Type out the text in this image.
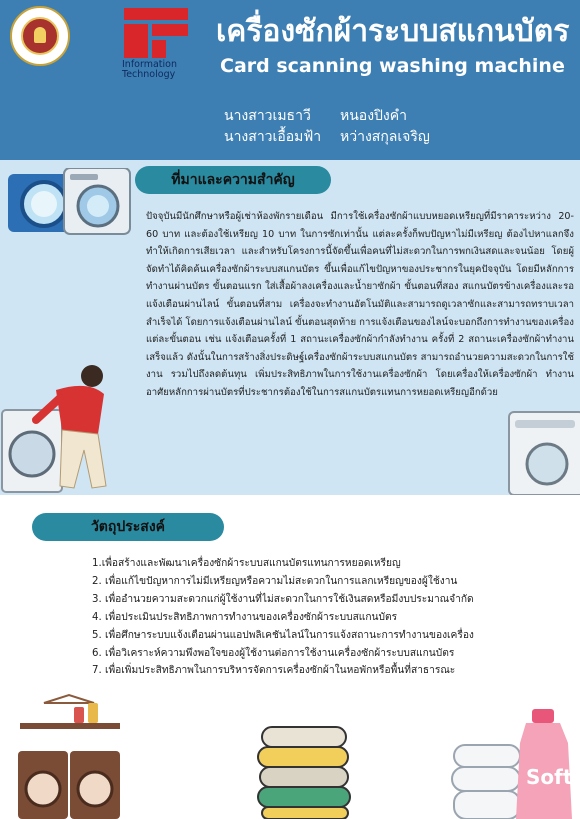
Information
Technology
เครื่องซักผ้าระบบสแกนบัตร
Card scanning washing machine
นางสาวเมธาวี หนองปิงคำ
นางสาวเอื้อมฟ้า หว่างสกุลเจริญ
ที่มาและความสำคัญ
ปัจจุบันมีนักศึกษาหรือผู้เช่าห้องพักรายเดือน มีการใช้เครื่องซักผ้าแบบหยอดเหรียญที่มีราคาระหว่าง 20-60 บาท และต้องใช้เหรียญ 10 บาท ในการซักเท่านั้น แต่ละครั้งก็พบปัญหาไม่มีเหรียญ ต้องไปหาแลกจึงทำให้เกิดการเสียเวลา และสำหรับโครงการนี้จัดขึ้นเพื่อคนที่ไม่สะดวกในการพกเงินสดและจนน้อย โดยผู้จัดทำได้คิดค้นเครื่องซักผ้าระบบสแกนบัตร ขึ้นเพื่อแก้ไขปัญหาของประชากรในยุคปัจจุบัน โดยมีหลักการทำงานผ่านบัตร ขั้นตอนแรก ใส่เสื้อผ้าลงเครื่องและน้ำยาซักผ้า ขั้นตอนที่สอง สแกนบัตรข้างเครื่องและรอแจ้งเตือนผ่านไลน์ ขั้นตอนที่สาม เครื่องจะทำงานอัตโนมัติและสามารถดูเวลาซักและสามารถทราบเวลาสำเร็จได้ โดยการแจ้งเตือนผ่านไลน์ ขั้นตอนสุดท้าย การแจ้งเตือนของไลน์จะบอกถึงการทำงานของเครื่อง แต่ละขั้นตอน เช่น แจ้งเตือนครั้งที่ 1 สถานะเครื่องซักผ้ากำลังทำงาน ครั้งที่ 2 สถานะเครื่องซักผ้าทำงานเสร็จแล้ว ดังนั้นในการสร้างสิ่งประดิษฐ์เครื่องซักผ้าระบบสแกนบัตร สามารถอำนวยความสะดวกในการใช้งาน รวมไปถึงลดต้นทุน เพิ่มประสิทธิภาพในการใช้งานเครื่องซักผ้า โดยเครื่องให้เครื่องซักผ้า ทำงานอาศัยหลักการผ่านบัตรที่ประชากรต้องใช้ในการสแกนบัตรแทนการหยอดเหรียญอีกด้วย
วัตถุประสงค์
1.เพื่อสร้างและพัฒนาเครื่องซักผ้าระบบสแกนบัตรแทนการหยอดเหรียญ
2. เพื่อแก้ไขปัญหาการไม่มีเหรียญหรือความไม่สะดวกในการแลกเหรียญของผู้ใช้งาน
3. เพื่ออำนวยความสะดวกแก่ผู้ใช้งานที่ไม่สะดวกในการใช้เงินสดหรือมีงบประมาณจำกัด
4. เพื่อประเมินประสิทธิภาพการทำงานของเครื่องซักผ้าระบบสแกนบัตร
5. เพื่อศึกษาระบบแจ้งเตือนผ่านแอปพลิเคชันไลน์ในการแจ้งสถานะการทำงานของเครื่อง
6. เพื่อวิเคราะห์ความพึงพอใจของผู้ใช้งานต่อการใช้งานเครื่องซักผ้าระบบสแกนบัตร
7. เพื่อเพิ่มประสิทธิภาพในการบริหารจัดการเครื่องซักผ้าในหอพักหรือพื้นที่สาธารณะ
Soft
